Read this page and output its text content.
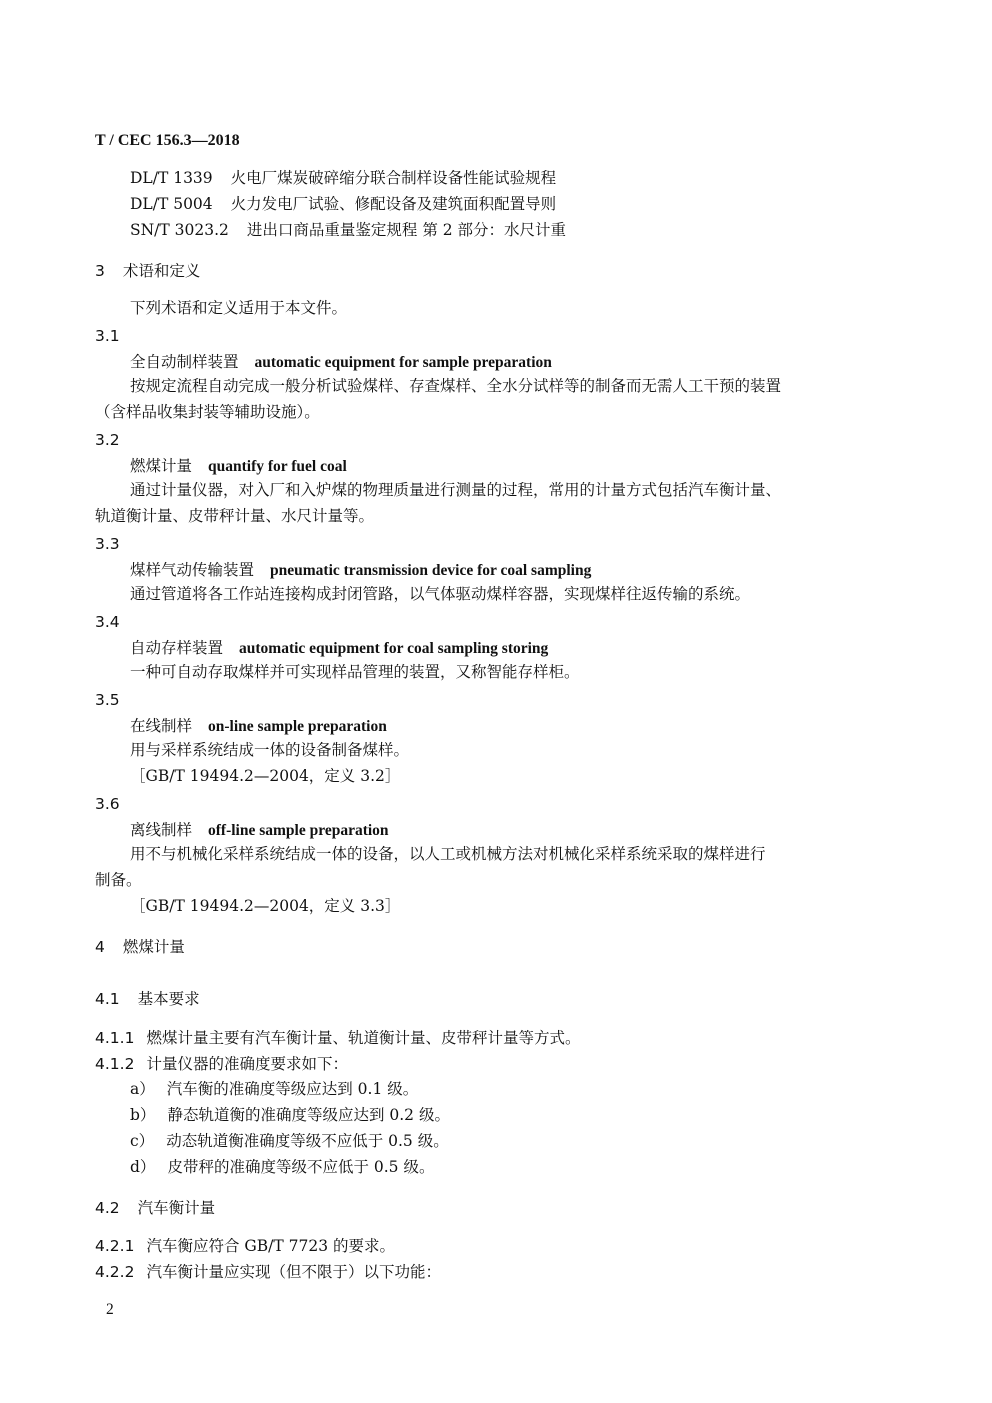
T / CEC 156.3—2018
DL/T 1339 火电厂煤炭破碎缩分联合制样设备性能试验规程
DL/T 5004 火力发电厂试验、修配设备及建筑面积配置导则
SN/T 3023.2 进出口商品重量鉴定规程 第 2 部分：水尺计重
3 术语和定义
下列术语和定义适用于本文件。
3.1
全自动制样装置 automatic equipment for sample preparation
按规定流程自动完成一般分析试验煤样、存查煤样、全水分试样等的制备而无需人工干预的装置
（含样品收集封装等辅助设施）。
3.2
燃煤计量 quantify for fuel coal
通过计量仪器，对入厂和入炉煤的物理质量进行测量的过程，常用的计量方式包括汽车衡计量、
轨道衡计量、皮带秤计量、水尺计量等。
3.3
煤样气动传输装置 pneumatic transmission device for coal sampling
通过管道将各工作站连接构成封闭管路，以气体驱动煤样容器，实现煤样往返传输的系统。
3.4
自动存样装置 automatic equipment for coal sampling storing
一种可自动存取煤样并可实现样品管理的装置，又称智能存样柜。
3.5
在线制样 on-line sample preparation
用与采样系统结成一体的设备制备煤样。
［GB/T 19494.2—2004，定义 3.2］
3.6
离线制样 off-line sample preparation
用不与机械化采样系统结成一体的设备，以人工或机械方法对机械化采样系统采取的煤样进行
制备。
［GB/T 19494.2—2004，定义 3.3］
4 燃煤计量
4.1 基本要求
4.1.1 燃煤计量主要有汽车衡计量、轨道衡计量、皮带秤计量等方式。
4.1.2 计量仪器的准确度要求如下：
a） 汽车衡的准确度等级应达到 0.1 级。
b） 静态轨道衡的准确度等级应达到 0.2 级。
c） 动态轨道衡准确度等级不应低于 0.5 级。
d） 皮带秤的准确度等级不应低于 0.5 级。
4.2 汽车衡计量
4.2.1 汽车衡应符合 GB/T 7723 的要求。
4.2.2 汽车衡计量应实现（但不限于）以下功能：
2
